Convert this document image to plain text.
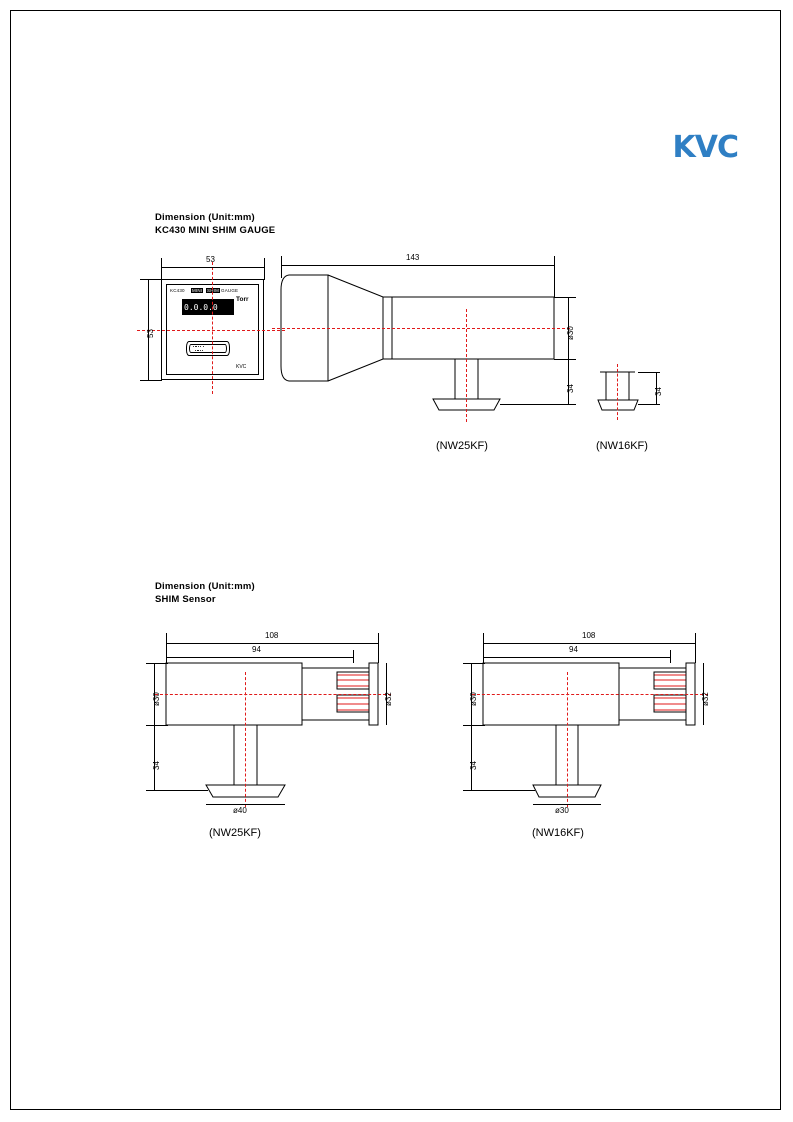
KVC
Dimension (Unit:mm)
KC430 MINI SHIM GAUGE
KC430 MINI SHIM GAUGE
0.0.0.0
Torr
KVC
53
53
143
ø30
34
(NW25KF)
34
(NW16KF)
Dimension (Unit:mm)
SHIM Sensor
108
94
ø30	ø32
34
ø40
(NW25KF)
108
94
ø30	ø32
34
ø30
(NW16KF)
